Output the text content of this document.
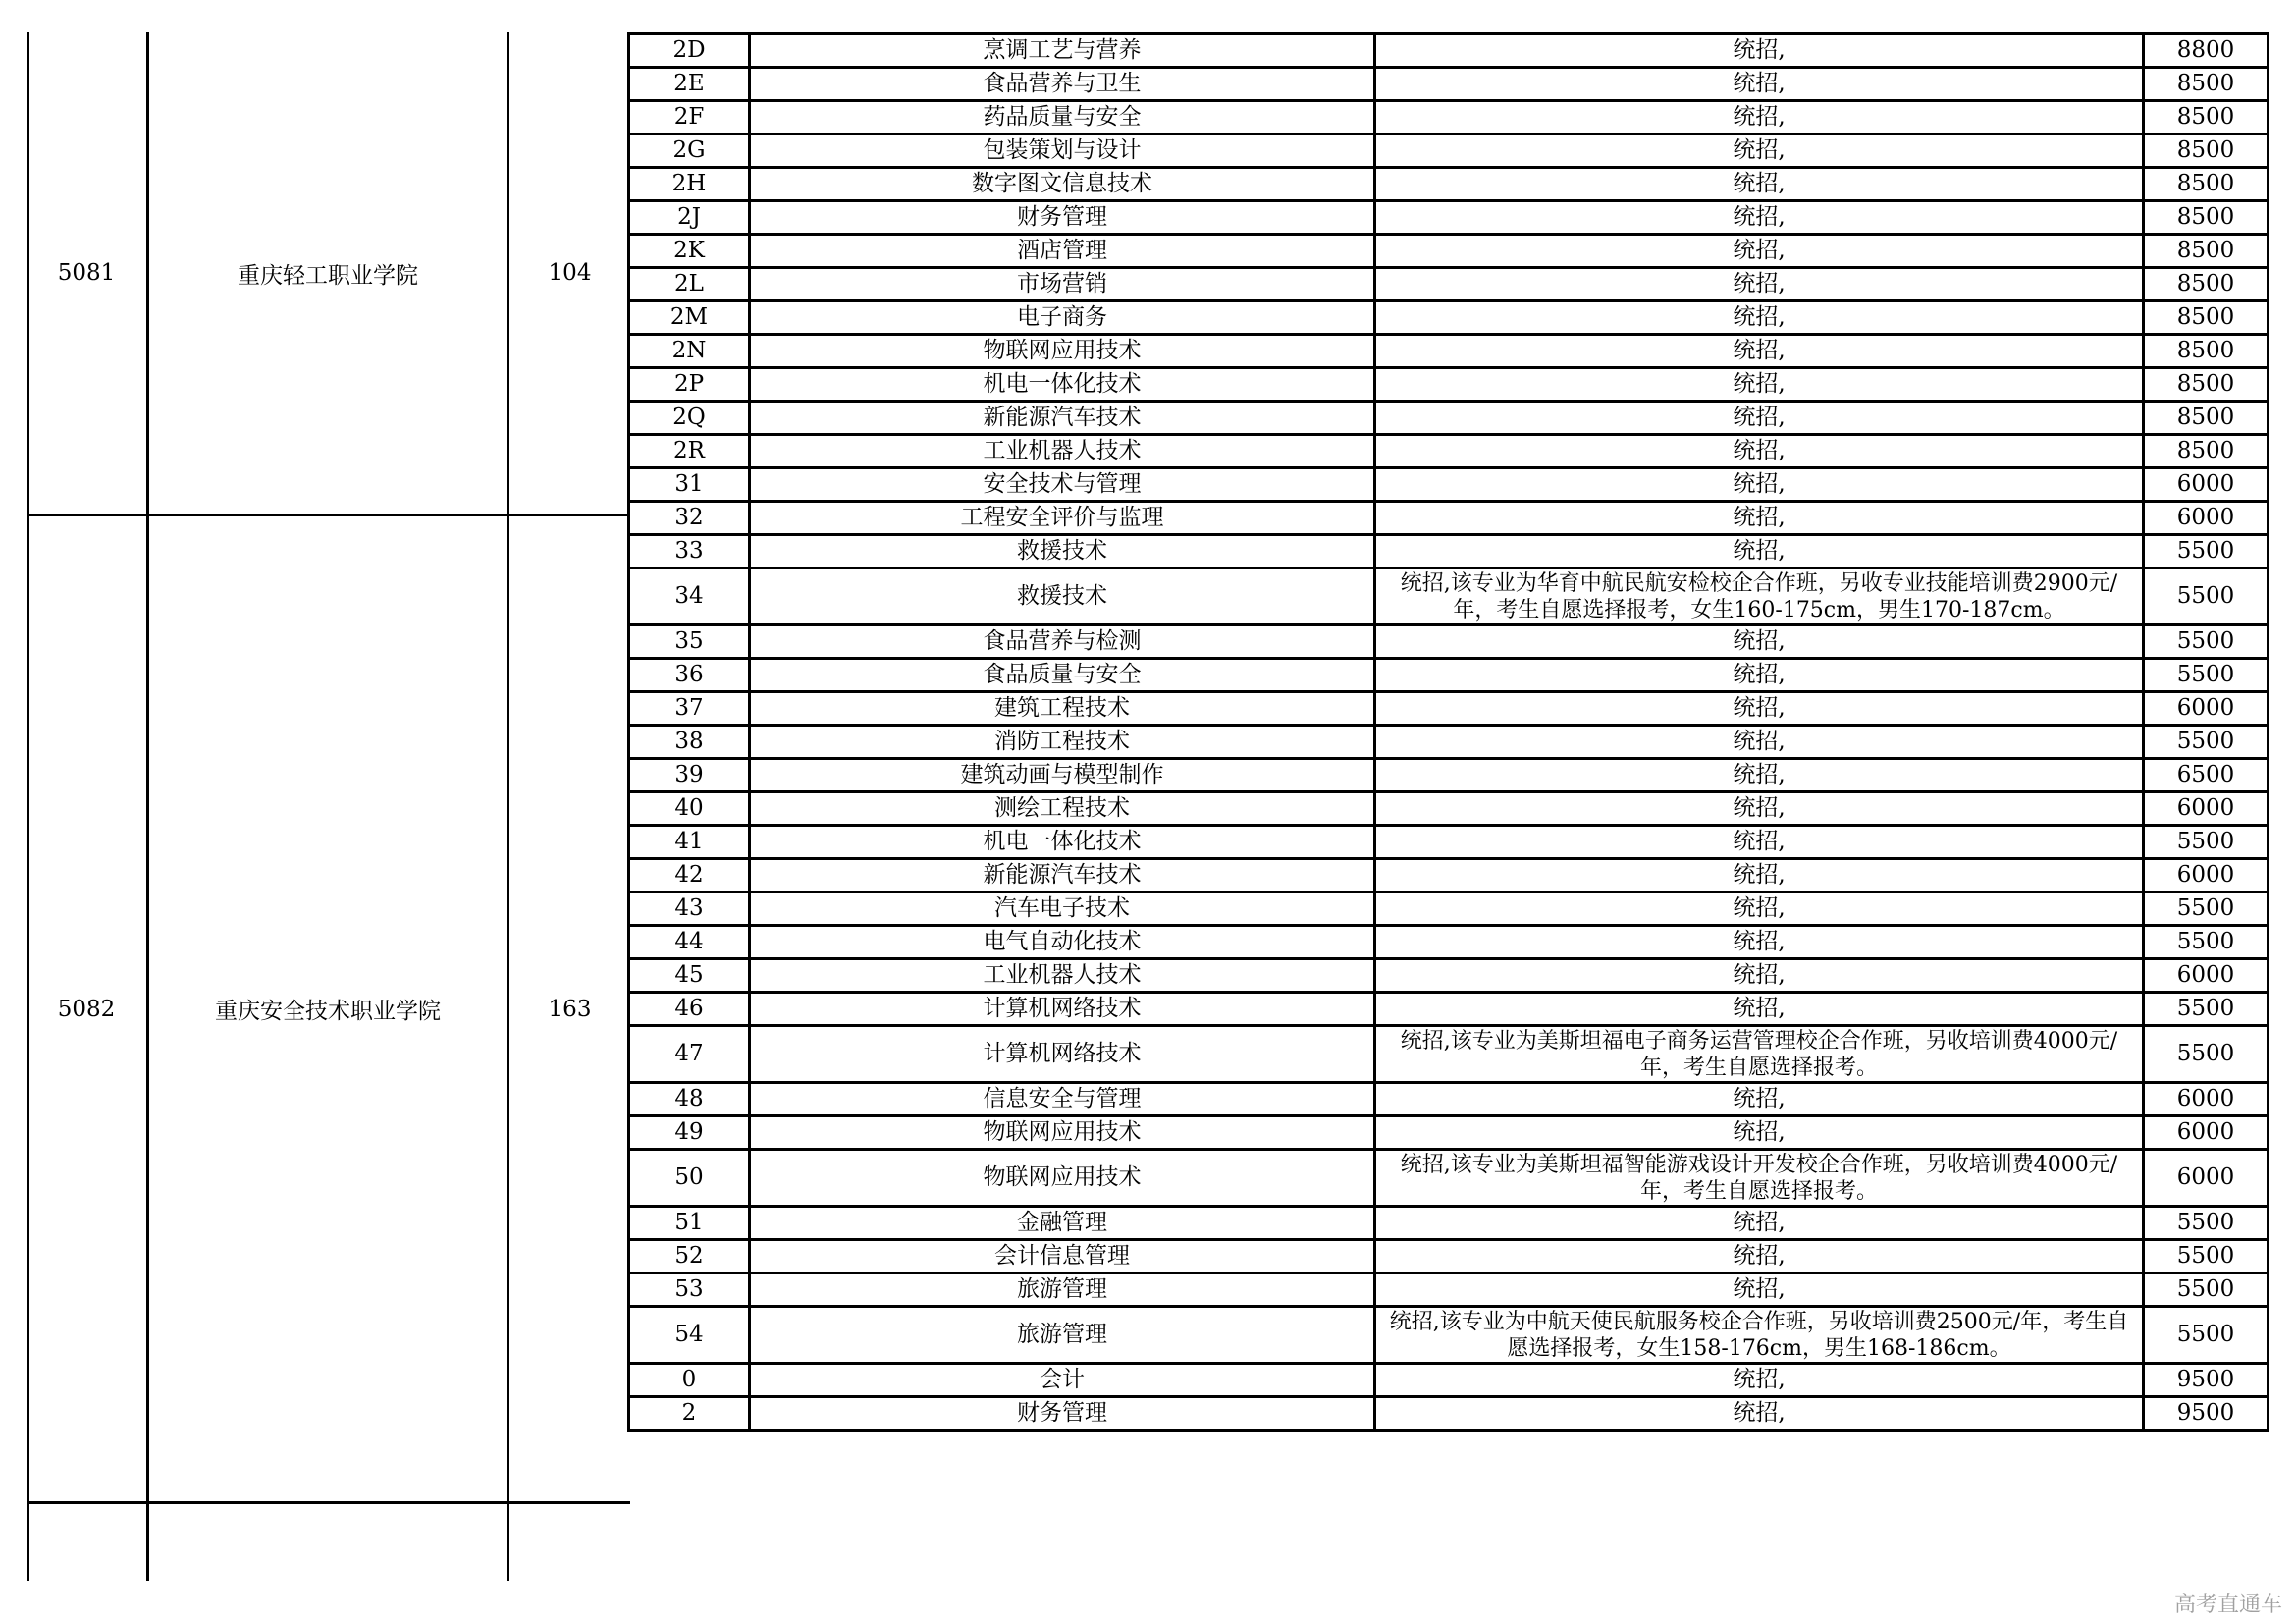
5081	重庆轻工职业学院	104
5082	重庆安全技术职业学院	163
2D	烹调工艺与营养	统招,	8800
2E	食品营养与卫生	统招,	8500
2F	药品质量与安全	统招,	8500
2G	包装策划与设计	统招,	8500
2H	数字图文信息技术	统招,	8500
2J	财务管理	统招,	8500
2K	酒店管理	统招,	8500
2L	市场营销	统招,	8500
2M	电子商务	统招,	8500
2N	物联网应用技术	统招,	8500
2P	机电一体化技术	统招,	8500
2Q	新能源汽车技术	统招,	8500
2R	工业机器人技术	统招,	8500
31	安全技术与管理	统招,	6000
32	工程安全评价与监理	统招,	6000
33	救援技术	统招,	5500
34	救援技术	统招,该专业为华育中航民航安检校企合作班，另收专业技能培训费2900元/年，考生自愿选择报考，女生160-175cm，男生170-187cm。	5500
35	食品营养与检测	统招,	5500
36	食品质量与安全	统招,	5500
37	建筑工程技术	统招,	6000
38	消防工程技术	统招,	5500
39	建筑动画与模型制作	统招,	6500
40	测绘工程技术	统招,	6000
41	机电一体化技术	统招,	5500
42	新能源汽车技术	统招,	6000
43	汽车电子技术	统招,	5500
44	电气自动化技术	统招,	5500
45	工业机器人技术	统招,	6000
46	计算机网络技术	统招,	5500
47	计算机网络技术	统招,该专业为美斯坦福电子商务运营管理校企合作班，另收培训费4000元/年，考生自愿选择报考。	5500
48	信息安全与管理	统招,	6000
49	物联网应用技术	统招,	6000
50	物联网应用技术	统招,该专业为美斯坦福智能游戏设计开发校企合作班，另收培训费4000元/年，考生自愿选择报考。	6000
51	金融管理	统招,	5500
52	会计信息管理	统招,	5500
53	旅游管理	统招,	5500
54	旅游管理	统招,该专业为中航天使民航服务校企合作班，另收培训费2500元/年，考生自愿选择报考，女生158-176cm，男生168-186cm。	5500
0	会计	统招,	9500
2	财务管理	统招,	9500
高考直通车
